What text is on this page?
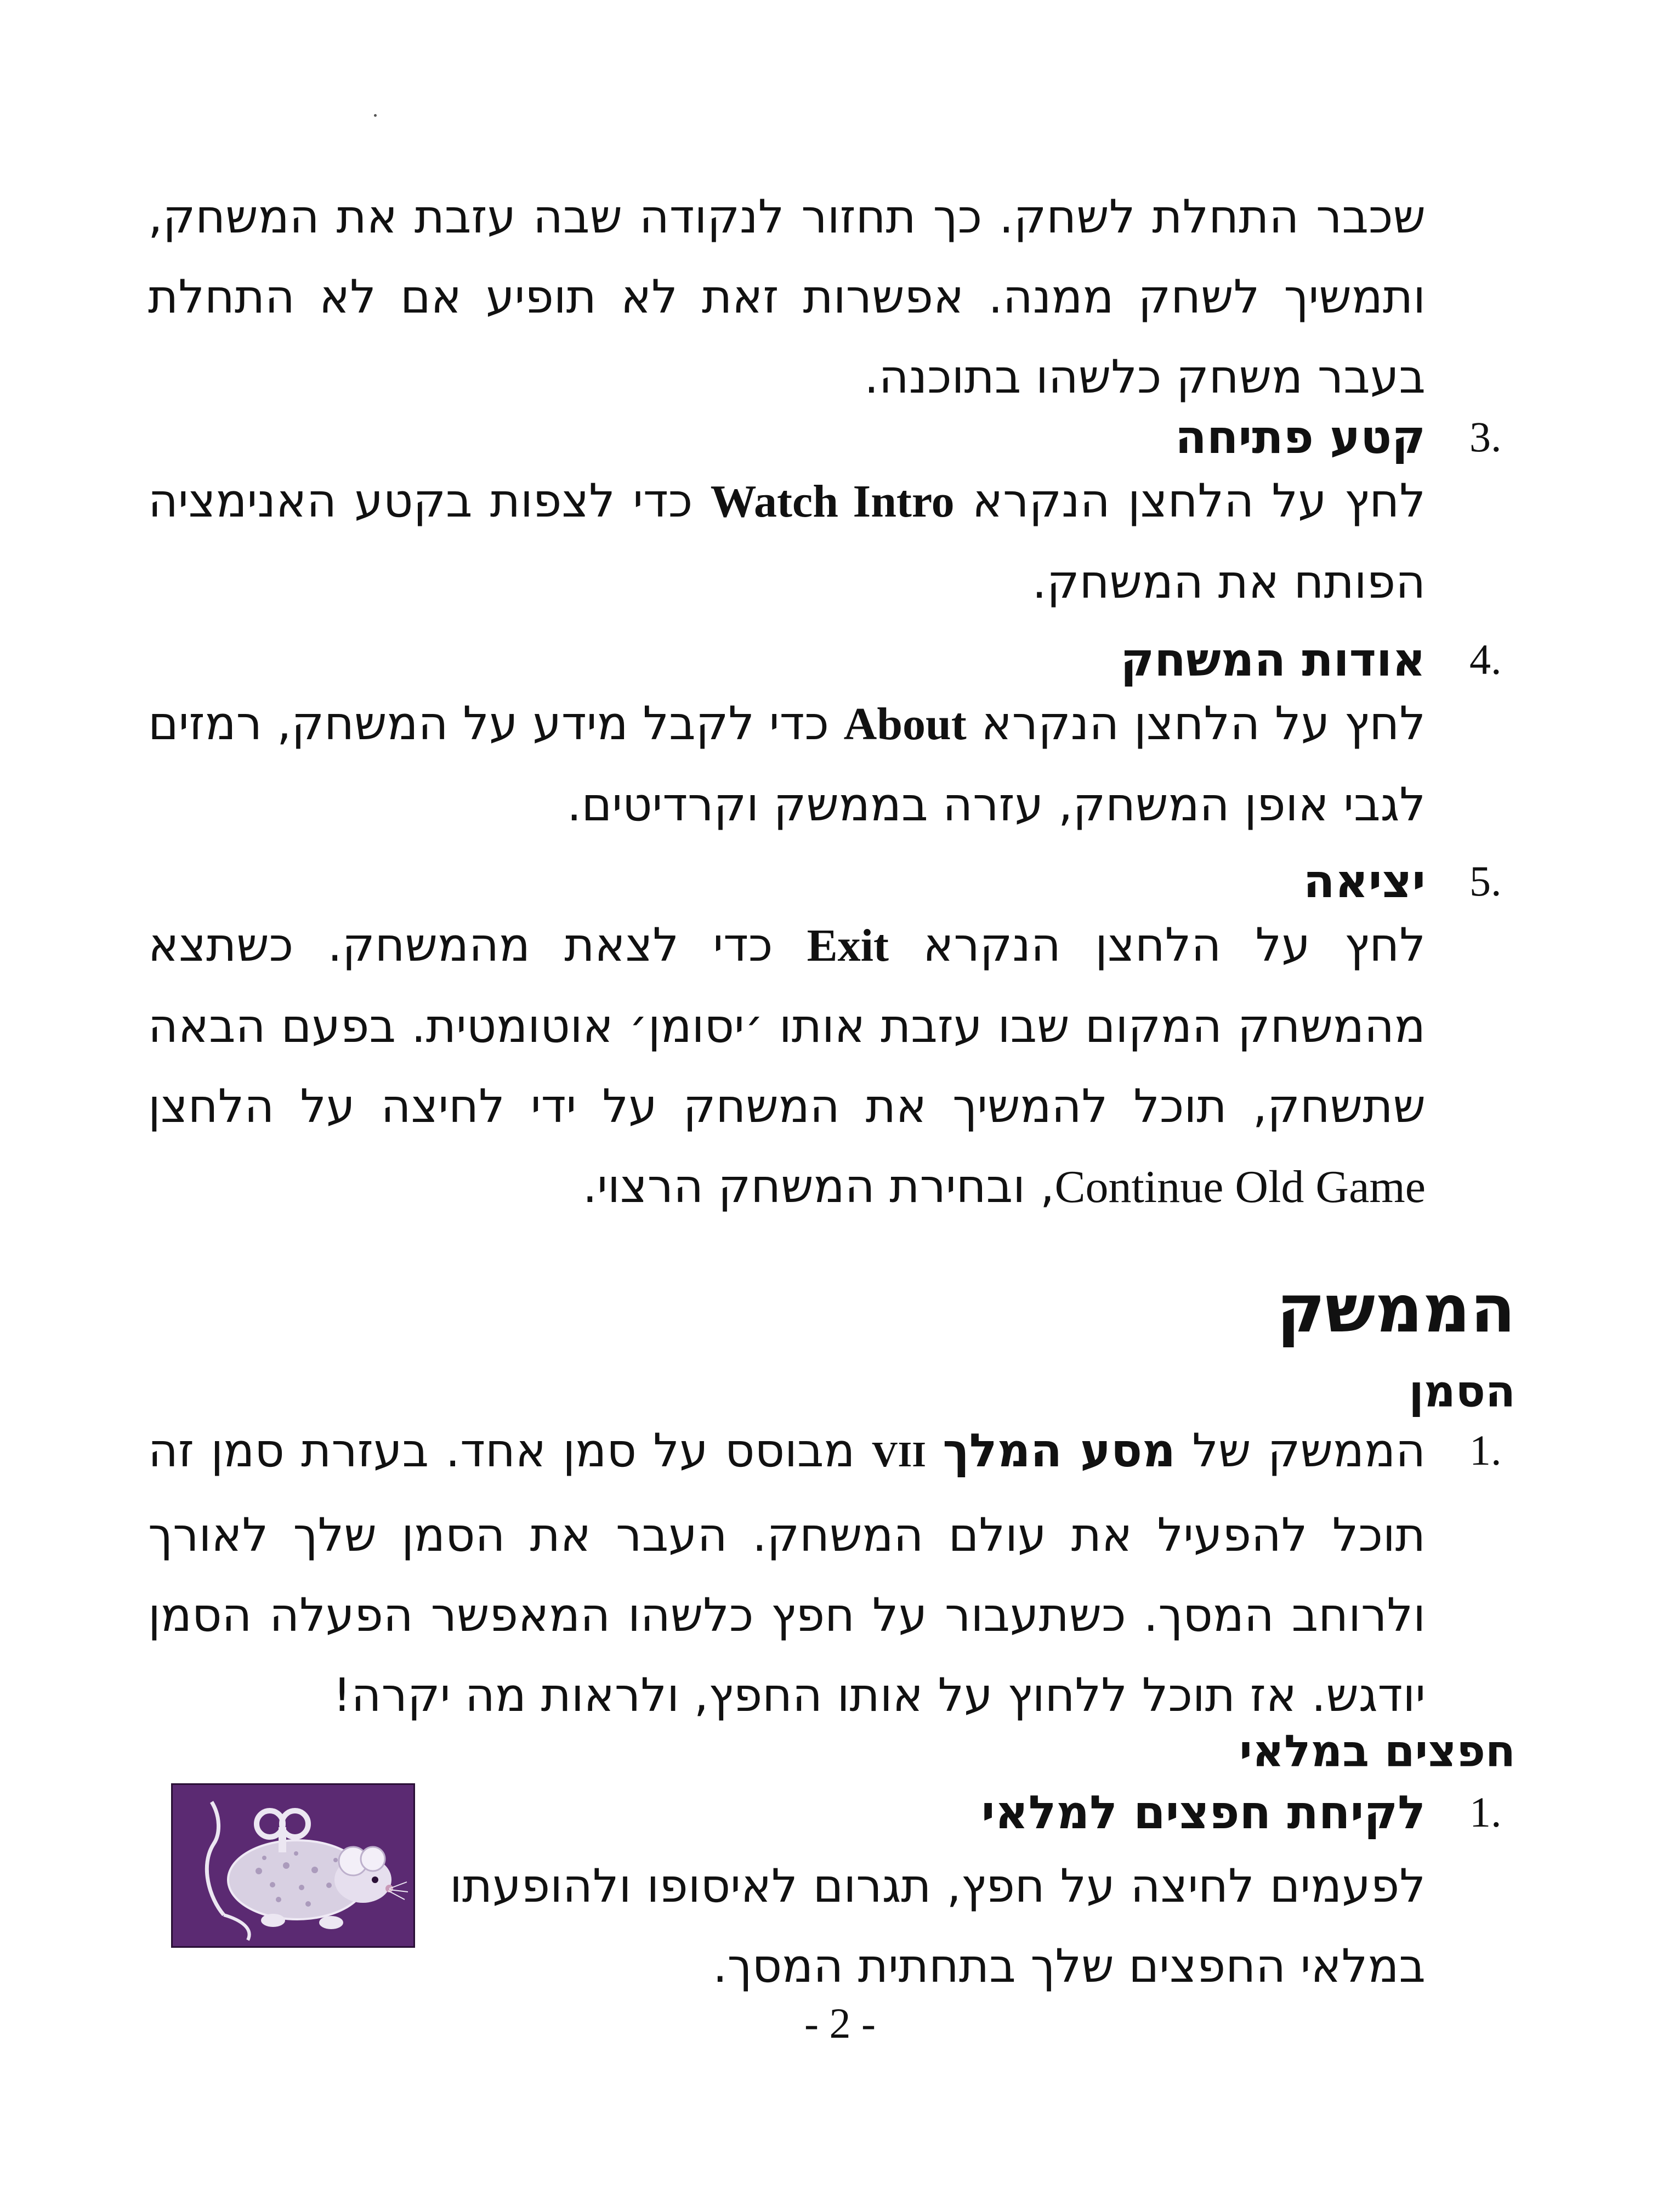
שכבר התחלת לשחק. כך תחזור לנקודה שבה עזבת את המשחק, ותמשיך לשחק ממנה. אפשרות זאת לא תופיע אם לא התחלת בעבר משחק כלשהו בתוכנה.
3.
קטע פתיחה
לחץ על הלחצן הנקרא Watch Intro כדי לצפות בקטע האנימציה הפותח את המשחק.
4.
אודות המשחק
לחץ על הלחצן הנקרא About כדי לקבל מידע על המשחק, רמזים לגבי אופן המשחק, עזרה בממשק וקרדיטים.
5.
יציאה
לחץ על הלחצן הנקרא Exit כדי לצאת מהמשחק. כשתצא מהמשחק המקום שבו עזבת אותו ׳יסומן׳ אוטומטית. בפעם הבאה שתשחק, תוכל להמשיך את המשחק על ידי לחיצה על הלחצן Continue Old Game, ובחירת המשחק הרצוי.
הממשק
הסמן
1.
הממשק של מסע המלך VII מבוסס על סמן אחד. בעזרת סמן זה תוכל להפעיל את עולם המשחק. העבר את הסמן שלך לאורך ולרוחב המסך. כשתעבור על חפץ כלשהו המאפשר הפעלה הסמן יודגש. אז תוכל ללחוץ על אותו החפץ, ולראות מה יקרה!
חפצים במלאי
1.
לקיחת חפצים למלאי
לפעמים לחיצה על חפץ, תגרום לאיסופו ולהופעתו במלאי החפצים שלך בתחתית המסך.
- 2 -
